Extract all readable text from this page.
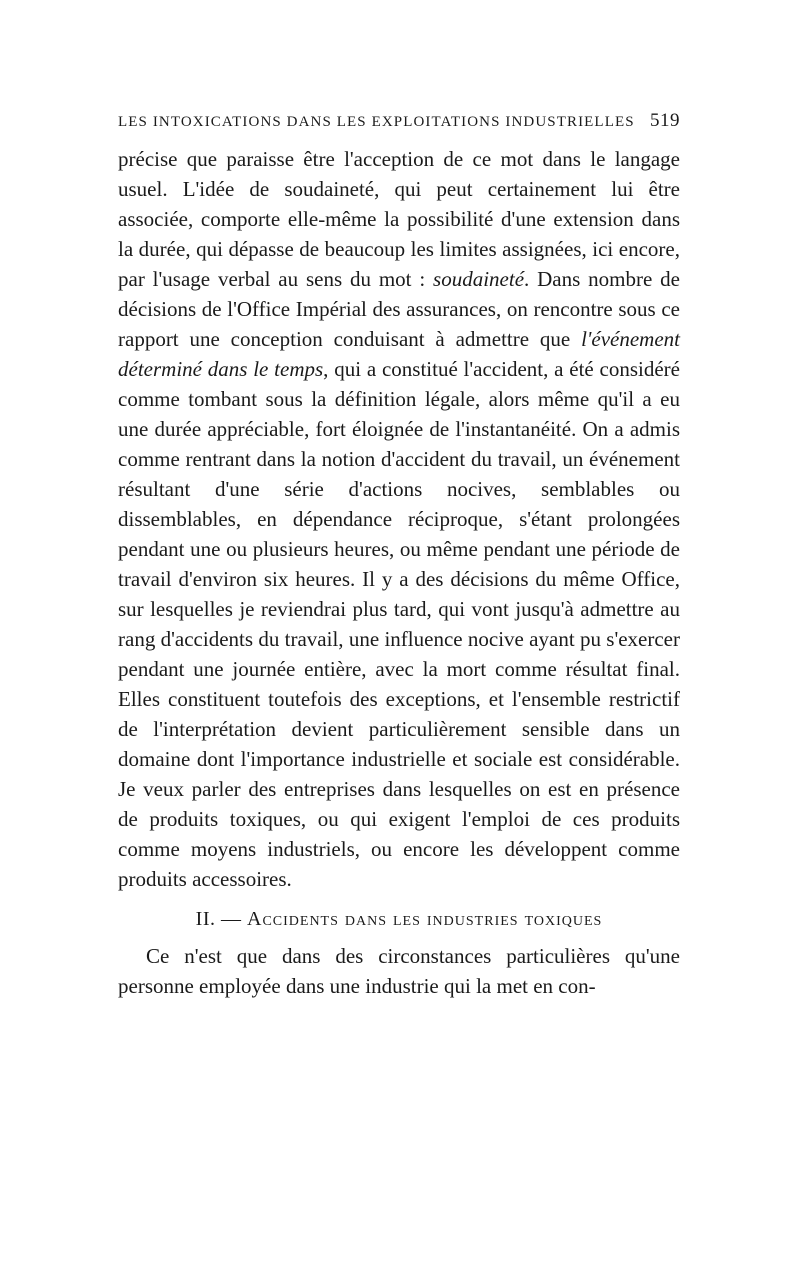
LES INTOXICATIONS DANS LES EXPLOITATIONS INDUSTRIELLES 519

précise que paraisse être l'acception de ce mot dans le langage usuel. L'idée de soudaineté, qui peut certainement lui être associée, comporte elle-même la possibilité d'une extension dans la durée, qui dépasse de beaucoup les limites assignées, ici encore, par l'usage verbal au sens du mot : soudaineté. Dans nombre de décisions de l'Office Impérial des assurances, on rencontre sous ce rapport une conception conduisant à admettre que l'événement déterminé dans le temps, qui a constitué l'accident, a été considéré comme tombant sous la définition légale, alors même qu'il a eu une durée appréciable, fort éloignée de l'instantanéité. On a admis comme rentrant dans la notion d'accident du travail, un événement résultant d'une série d'actions nocives, semblables ou dissemblables, en dépendance réciproque, s'étant prolongées pendant une ou plusieurs heures, ou même pendant une période de travail d'environ six heures. Il y a des décisions du même Office, sur lesquelles je reviendrai plus tard, qui vont jusqu'à admettre au rang d'accidents du travail, une influence nocive ayant pu s'exercer pendant une journée entière, avec la mort comme résultat final. Elles constituent toutefois des exceptions, et l'ensemble restrictif de l'interprétation devient particulièrement sensible dans un domaine dont l'importance industrielle et sociale est considérable. Je veux parler des entreprises dans lesquelles on est en présence de produits toxiques, ou qui exigent l'emploi de ces produits comme moyens industriels, ou encore les développent comme produits accessoires.

II. — Accidents dans les industries toxiques

Ce n'est que dans des circonstances particulières qu'une personne employée dans une industrie qui la met en con-
